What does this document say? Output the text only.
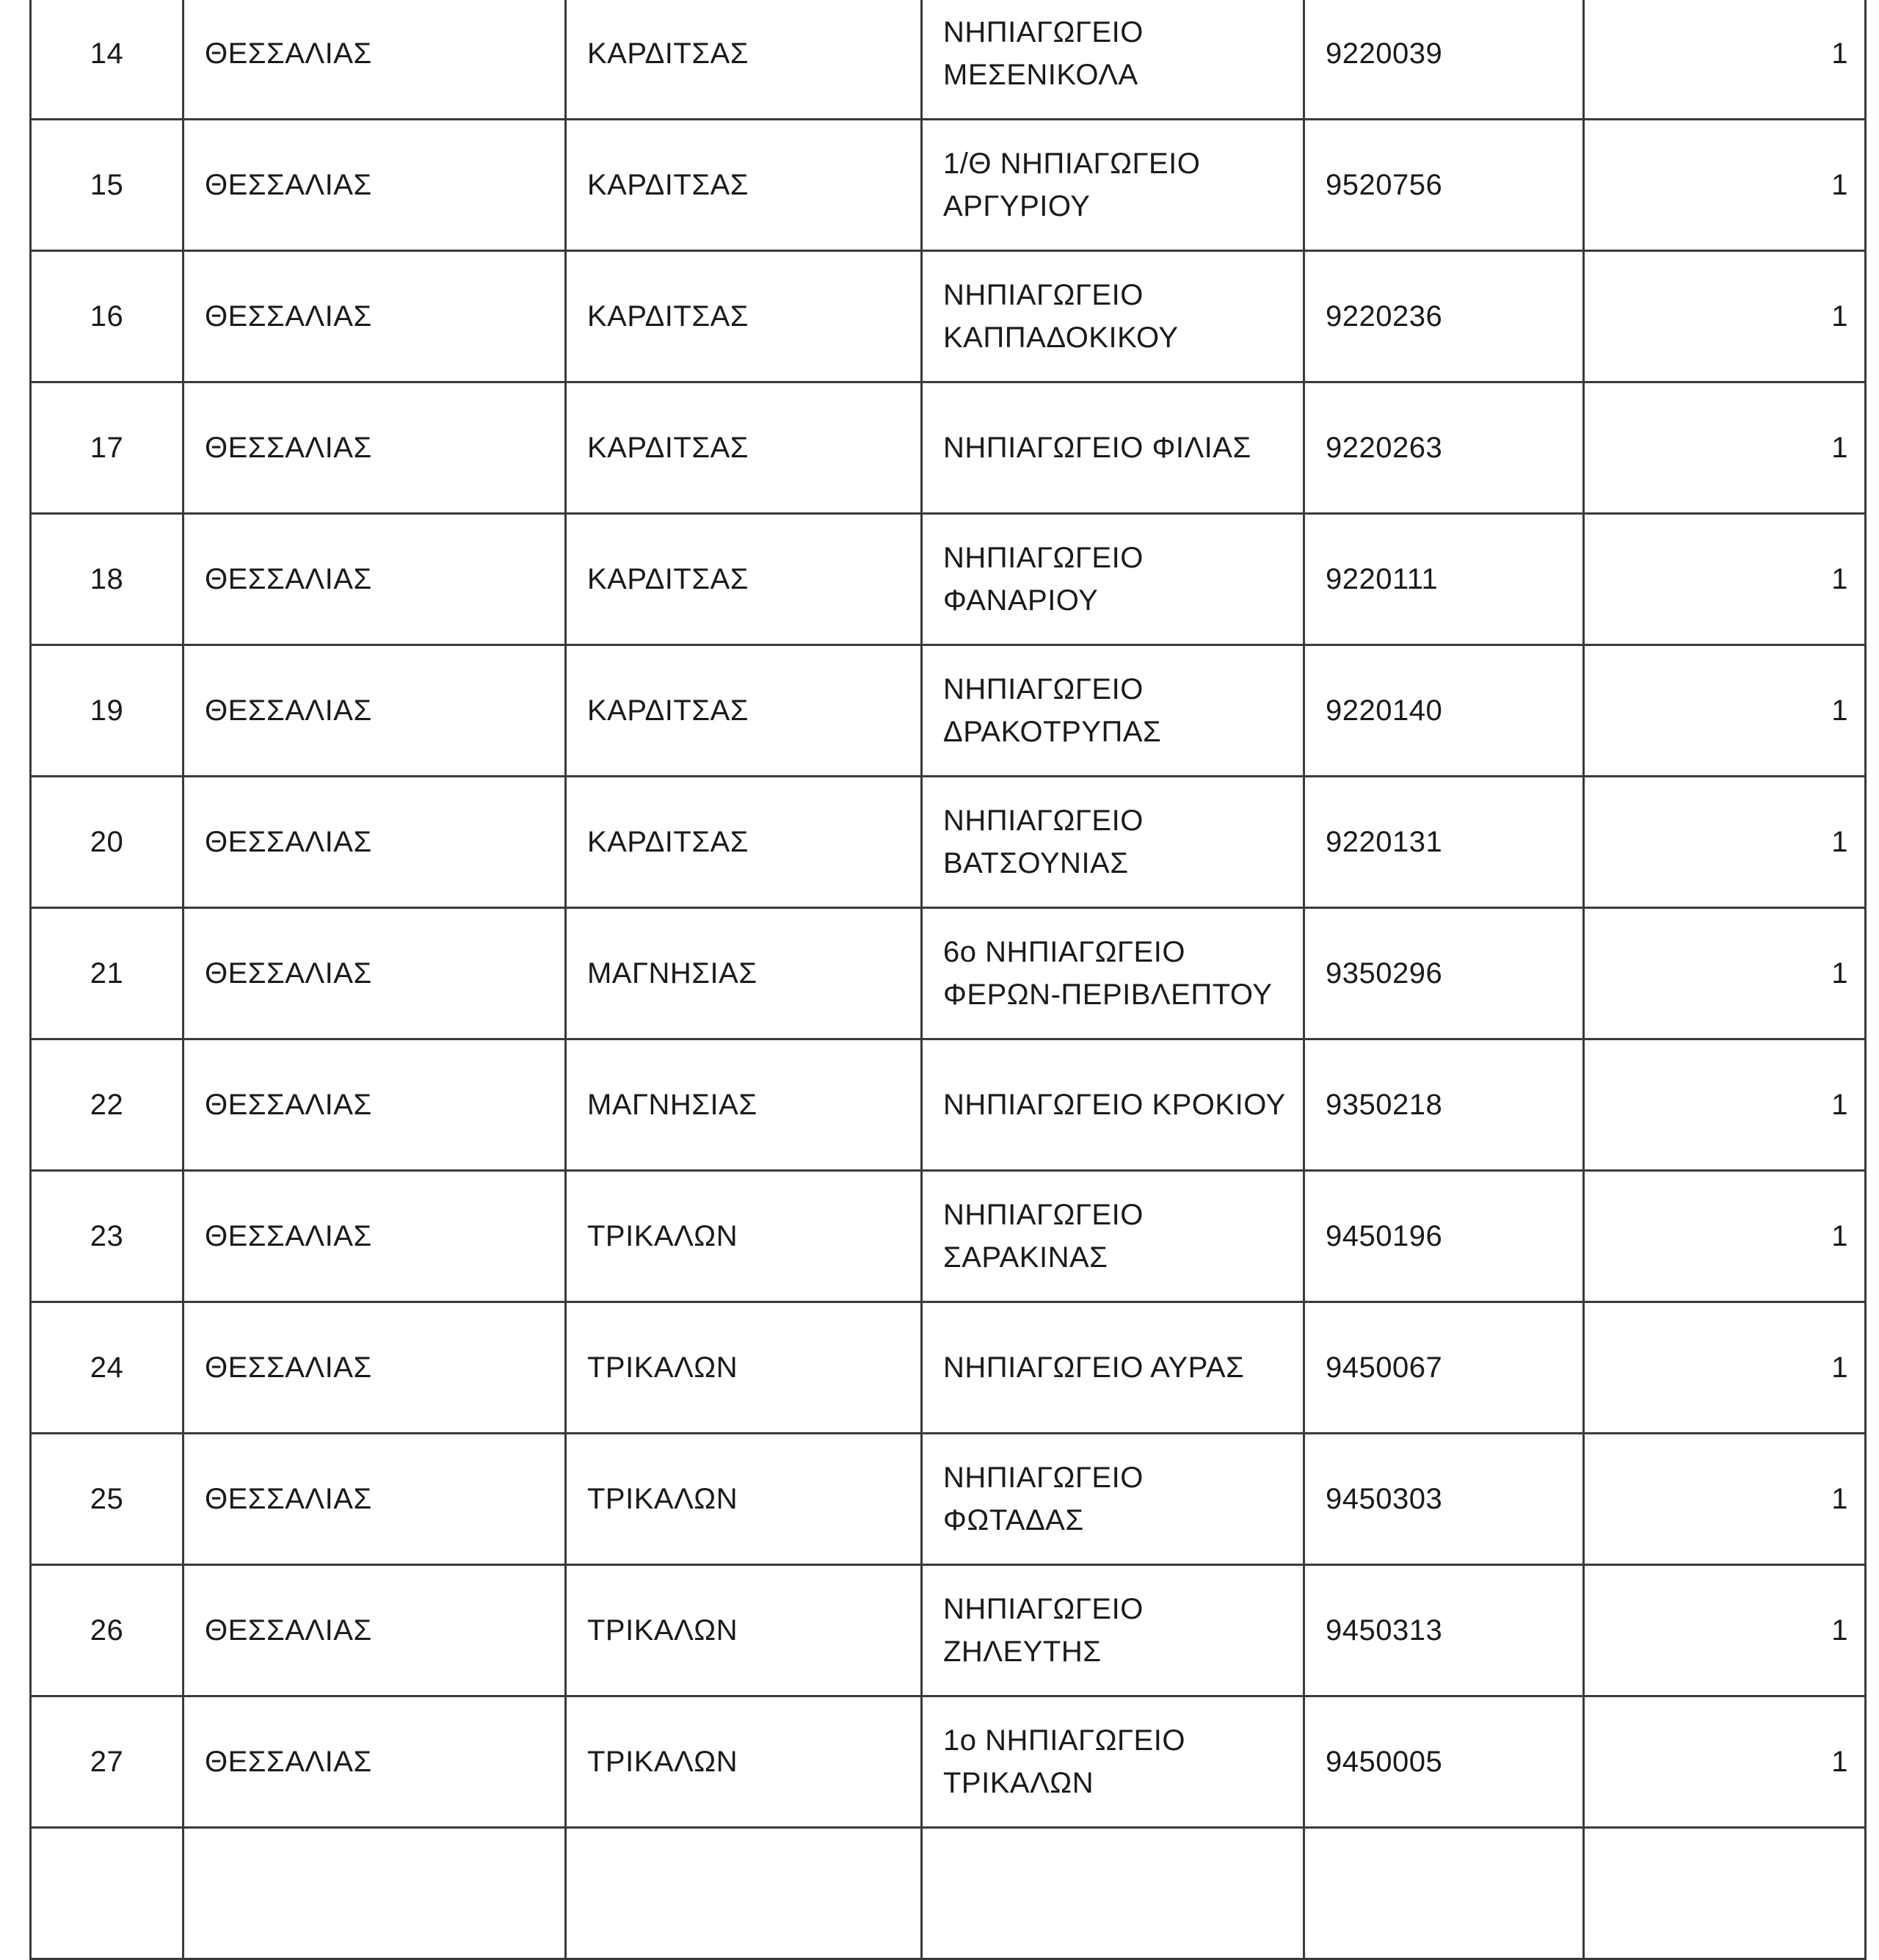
14	ΘΕΣΣΑΛΙΑΣ	ΚΑΡΔΙΤΣΑΣ	ΝΗΠΙΑΓΩΓΕΙΟ
ΜΕΣΕΝΙΚΟΛΑ	9220039	1
15	ΘΕΣΣΑΛΙΑΣ	ΚΑΡΔΙΤΣΑΣ	1/Θ ΝΗΠΙΑΓΩΓΕΙΟ
ΑΡΓΥΡΙΟΥ	9520756	1
16	ΘΕΣΣΑΛΙΑΣ	ΚΑΡΔΙΤΣΑΣ	ΝΗΠΙΑΓΩΓΕΙΟ
ΚΑΠΠΑΔΟΚΙΚΟΥ	9220236	1
17	ΘΕΣΣΑΛΙΑΣ	ΚΑΡΔΙΤΣΑΣ	ΝΗΠΙΑΓΩΓΕΙΟ ΦΙΛΙΑΣ	9220263	1
18	ΘΕΣΣΑΛΙΑΣ	ΚΑΡΔΙΤΣΑΣ	ΝΗΠΙΑΓΩΓΕΙΟ
ΦΑΝΑΡΙΟΥ	9220111	1
19	ΘΕΣΣΑΛΙΑΣ	ΚΑΡΔΙΤΣΑΣ	ΝΗΠΙΑΓΩΓΕΙΟ
ΔΡΑΚΟΤΡΥΠΑΣ	9220140	1
20	ΘΕΣΣΑΛΙΑΣ	ΚΑΡΔΙΤΣΑΣ	ΝΗΠΙΑΓΩΓΕΙΟ
ΒΑΤΣΟΥΝΙΑΣ	9220131	1
21	ΘΕΣΣΑΛΙΑΣ	ΜΑΓΝΗΣΙΑΣ	6ο ΝΗΠΙΑΓΩΓΕΙΟ
ΦΕΡΩΝ-ΠΕΡΙΒΛΕΠΤΟΥ	9350296	1
22	ΘΕΣΣΑΛΙΑΣ	ΜΑΓΝΗΣΙΑΣ	ΝΗΠΙΑΓΩΓΕΙΟ ΚΡΟΚΙΟΥ	9350218	1
23	ΘΕΣΣΑΛΙΑΣ	ΤΡΙΚΑΛΩΝ	ΝΗΠΙΑΓΩΓΕΙΟ
ΣΑΡΑΚΙΝΑΣ	9450196	1
24	ΘΕΣΣΑΛΙΑΣ	ΤΡΙΚΑΛΩΝ	ΝΗΠΙΑΓΩΓΕΙΟ ΑΥΡΑΣ	9450067	1
25	ΘΕΣΣΑΛΙΑΣ	ΤΡΙΚΑΛΩΝ	ΝΗΠΙΑΓΩΓΕΙΟ
ΦΩΤΑΔΑΣ	9450303	1
26	ΘΕΣΣΑΛΙΑΣ	ΤΡΙΚΑΛΩΝ	ΝΗΠΙΑΓΩΓΕΙΟ
ΖΗΛΕΥΤΗΣ	9450313	1
27	ΘΕΣΣΑΛΙΑΣ	ΤΡΙΚΑΛΩΝ	1ο ΝΗΠΙΑΓΩΓΕΙΟ
ΤΡΙΚΑΛΩΝ	9450005	1
